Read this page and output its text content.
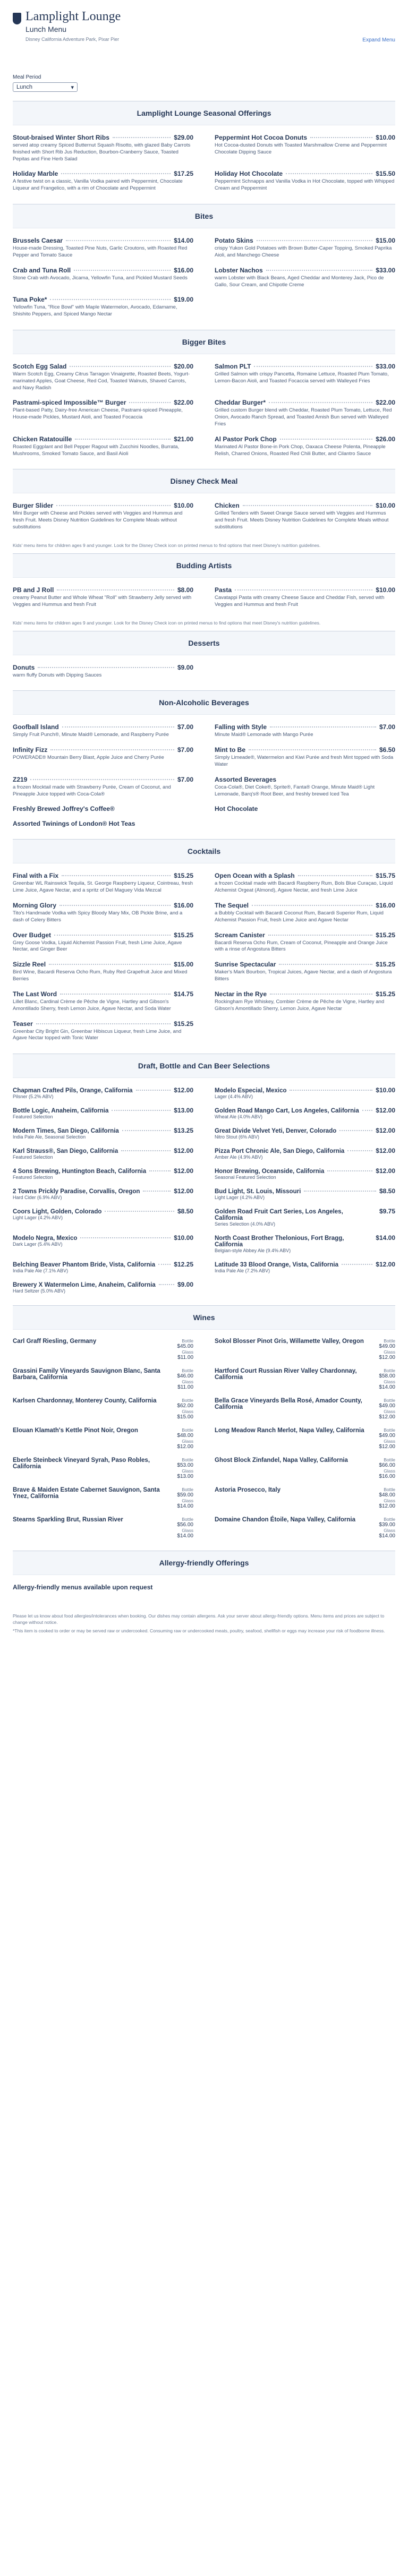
Lamplight Lounge
Lunch Menu
Disney California Adventure Park, Pixar Pier	Expand Menu
Meal Period
Lunch	▾
Lamplight Lounge Seasonal Offerings
Stout-braised Winter Short Ribs	$29.00
served atop creamy Spiced Butternut Squash Risotto, with glazed Baby Carrots finished with Short Rib Jus Reduction, Bourbon-Cranberry Sauce, Toasted Pepitas and Fine Herb Salad
Peppermint Hot Cocoa Donuts	$10.00
Hot Cocoa-dusted Donuts with Toasted Marshmallow Creme and Peppermint Chocolate Dipping Sauce
Holiday Marble	$17.25
A festive twist on a classic, Vanilla Vodka paired with Peppermint, Chocolate Liqueur and Frangelico, with a rim of Chocolate and Peppermint
Holiday Hot Chocolate	$15.50
Peppermint Schnapps and Vanilla Vodka in Hot Chocolate, topped with Whipped Cream and Peppermint
Bites
Brussels Caesar	$14.00
House-made Dressing, Toasted Pine Nuts, Garlic Croutons, with Roasted Red Pepper and Tomato Sauce
Potato Skins	$15.00
crispy Yukon Gold Potatoes with Brown Butter-Caper Topping, Smoked Paprika Aioli, and Manchego Cheese
Crab and Tuna Roll	$16.00
Stone Crab with Avocado, Jicama, Yellowfin Tuna, and Pickled Mustard Seeds
Lobster Nachos	$33.00
warm Lobster with Black Beans, Aged Cheddar and Monterey Jack, Pico de Gallo, Sour Cream, and Chipotle Creme
Tuna Poke*	$19.00
Yellowfin Tuna, "Rice Bowl" with Maple Watermelon, Avocado, Edamame, Shishito Peppers, and Spiced Mango Nectar
Bigger Bites
Scotch Egg Salad	$20.00
Warm Scotch Egg, Creamy Citrus Tarragon Vinaigrette, Roasted Beets, Yogurt-marinated Apples, Goat Cheese, Red Cod, Toasted Walnuts, Shaved Carrots, and Navy Radish
Salmon PLT	$33.00
Grilled Salmon with crispy Pancetta, Romaine Lettuce, Roasted Plum Tomato, Lemon-Bacon Aioli, and Toasted Focaccia served with Walleyed Fries
Pastrami-spiced Impossible™ Burger	$22.00
Plant-based Patty, Dairy-free American Cheese, Pastrami-spiced Pineapple, House-made Pickles, Mustard Aioli, and Toasted Focaccia
Cheddar Burger*	$22.00
Grilled custom Burger blend with Cheddar, Roasted Plum Tomato, Lettuce, Red Onion, Avocado Ranch Spread, and Toasted Amish Bun served with Walleyed Fries
Chicken Ratatouille	$21.00
Roasted Eggplant and Bell Pepper Ragout with Zucchini Noodles, Burrata, Mushrooms, Smoked Tomato Sauce, and Basil Aioli
Al Pastor Pork Chop	$26.00
Marinated Al Pastor Bone-in Pork Chop, Oaxaca Cheese Polenta, Pineapple Relish, Charred Onions, Roasted Red Chili Butter, and Cilantro Sauce
Disney Check Meal
Burger Slider	$10.00
Mini Burger with Cheese and Pickles served with Veggies and Hummus and fresh Fruit. Meets Disney Nutrition Guidelines for Complete Meals without substitutions
Chicken	$10.00
Grilled Tenders with Sweet Orange Sauce served with Veggies and Hummus and fresh Fruit. Meets Disney Nutrition Guidelines for Complete Meals without substitutions
Kids' menu items for children ages 9 and younger. Look for the Disney Check icon on printed menus to find options that meet Disney's nutrition guidelines.
Budding Artists
PB and J Roll	$8.00
creamy Peanut Butter and Whole Wheat "Roll" with Strawberry Jelly served with Veggies and Hummus and fresh Fruit
Pasta	$10.00
Cavatappi Pasta with creamy Cheese Sauce and Cheddar Fish, served with Veggies and Hummus and fresh Fruit
Kids' menu items for children ages 9 and younger. Look for the Disney Check icon on printed menus to find options that meet Disney's nutrition guidelines.
Desserts
Donuts	$9.00
warm fluffy Donuts with Dipping Sauces
Non-Alcoholic Beverages
Goofball Island	$7.00
Simply Fruit Punch®, Minute Maid® Lemonade, and Raspberry Purée
Falling with Style	$7.00
Minute Maid® Lemonade with Mango Purée
Infinity Fizz	$7.00
POWERADE® Mountain Berry Blast, Apple Juice and Cherry Purée
Mint to Be	$6.50
Simply Limeade®, Watermelon and Kiwi Purée and fresh Mint topped with Soda Water
Z219	$7.00
a frozen Mocktail made with Strawberry Purée, Cream of Coconut, and Pineapple Juice topped with Coca-Cola®
Assorted Beverages
Coca-Cola®, Diet Coke®, Sprite®, Fanta® Orange, Minute Maid® Light Lemonade, Barq's® Root Beer, and freshly brewed Iced Tea
Freshly Brewed Joffrey's Coffee®	Hot Chocolate
Assorted Twinings of London® Hot Teas
Cocktails
Final with a Fix	$15.25
Greenbar WL Rainswick Tequila, St. George Raspberry Liqueur, Cointreau, fresh Lime Juice, Agave Nectar, and a spritz of Del Maguey Vida Mezcal
Open Ocean with a Splash	$15.75
a frozen Cocktail made with Bacardi Raspberry Rum, Bols Blue Curaçao, Liquid Alchemist Orgeat (Almond), Agave Nectar, and fresh Lime Juice
Morning Glory	$16.00
Tito's Handmade Vodka with Spicy Bloody Mary Mix, OB Pickle Brine, and a dash of Celery Bitters
The Sequel	$16.00
a Bubbly Cocktail with Bacardi Coconut Rum, Bacardi Superior Rum, Liquid Alchemist Passion Fruit, fresh Lime Juice and Agave Nectar
Over Budget	$15.25
Grey Goose Vodka, Liquid Alchemist Passion Fruit, fresh Lime Juice, Agave Nectar, and Ginger Beer
Scream Canister	$15.25
Bacardi Reserva Ocho Rum, Cream of Coconut, Pineapple and Orange Juice with a rinse of Angostura Bitters
Sizzle Reel	$15.00
Bird Wine, Bacardi Reserva Ocho Rum, Ruby Red Grapefruit Juice and Mixed Berries
Sunrise Spectacular	$15.25
Maker's Mark Bourbon, Tropical Juices, Agave Nectar, and a dash of Angostura Bitters
The Last Word	$14.75
Lillet Blanc, Cardinal Crème de Pêche de Vigne, Hartley and Gibson's Amontillado Sherry, fresh Lemon Juice, Agave Nectar, and Soda Water
Nectar in the Rye	$15.25
Rockingham Rye Whiskey, Combier Crème de Pêche de Vigne, Hartley and Gibson's Amontillado Sherry, Lemon Juice, Agave Nectar
Teaser	$15.25
Greenbar City Bright Gin, Greenbar Hibiscus Liqueur, fresh Lime Juice, and Agave Nectar topped with Tonic Water
Draft, Bottle and Can Beer Selections
Chapman Crafted Pils, Orange, California	$12.00
Pilsner (5.2% ABV)
Modelo Especial, Mexico	$10.00
Lager (4.4% ABV)
Bottle Logic, Anaheim, California	$13.00
Featured Selection
Golden Road Mango Cart, Los Angeles, California	$12.00
Wheat Ale (4.0% ABV)
Modern Times, San Diego, California	$13.25
India Pale Ale, Seasonal Selection
Great Divide Velvet Yeti, Denver, Colorado	$12.00
Nitro Stout (6% ABV)
Karl Strauss®, San Diego, California	$12.00
Featured Selection
Pizza Port Chronic Ale, San Diego, California	$12.00
Amber Ale (4.9% ABV)
4 Sons Brewing, Huntington Beach, California	$12.00
Featured Selection
Honor Brewing, Oceanside, California	$12.00
Seasonal Featured Selection
2 Towns Prickly Paradise, Corvallis, Oregon	$12.00
Hard Cider (6.9% ABV)
Bud Light, St. Louis, Missouri	$8.50
Light Lager (4.2% ABV)
Coors Light, Golden, Colorado	$8.50
Light Lager (4.2% ABV)
Golden Road Fruit Cart Series, Los Angeles, California
$9.75
Series Selection (4.0% ABV)
Modelo Negra, Mexico	$10.00
Dark Lager (5.4% ABV)
North Coast Brother Thelonious, Fort Bragg, California
$14.00
Belgian-style Abbey Ale (9.4% ABV)
Belching Beaver Phantom Bride, Vista, California	$12.25
India Pale Ale (7.1% ABV)
Latitude 33 Blood Orange, Vista, California	$12.00
India Pale Ale (7.2% ABV)
Brewery X Watermelon Lime, Anaheim, California	$9.00
Hard Seltzer (5.0% ABV)
Wines
Carl Graff Riesling, Germany	Bottle
$45.00
Glass
$11.00
Sokol Blosser Pinot Gris, Willamette Valley, Oregon	Bottle
$49.00
Glass
$12.00
Grassini Family Vineyards Sauvignon Blanc, Santa Barbara, California
Bottle
$46.00
Glass
$11.00
Hartford Court Russian River Valley Chardonnay, California
Bottle
$58.00
Glass
$14.00
Karlsen Chardonnay, Monterey County, California	Bottle
$62.00
Glass
$15.00
Bella Grace Vineyards Bella Rosé, Amador County, California
Bottle
$49.00
Glass
$12.00
Elouan Klamath's Kettle Pinot Noir, Oregon	Bottle
$48.00
Glass
$12.00
Long Meadow Ranch Merlot, Napa Valley, California	Bottle
$49.00
Glass
$12.00
Eberle Steinbeck Vineyard Syrah, Paso Robles, California
Bottle
$53.00
Glass
$13.00
Ghost Block Zinfandel, Napa Valley, California	Bottle
$66.00
Glass
$16.00
Brave & Maiden Estate Cabernet Sauvignon, Santa Ynez, California
Bottle
$59.00
Glass
$14.00
Astoria Prosecco, Italy	Bottle
$48.00
Glass
$12.00
Stearns Sparkling Brut, Russian River	Bottle
$56.00
Glass
$14.00
Domaine Chandon Étoile, Napa Valley, California	Bottle
$39.00
Glass
$14.00
Allergy-friendly Offerings
Allergy-friendly menus available upon request

Please let us know about food allergies/intolerances when booking. Our dishes may contain allergens. Ask your server about allergy-friendly options. Menu items and prices are subject to change without notice.

*This item is cooked to order or may be served raw or undercooked. Consuming raw or undercooked meats, poultry, seafood, shellfish or eggs may increase your risk of foodborne illness.
